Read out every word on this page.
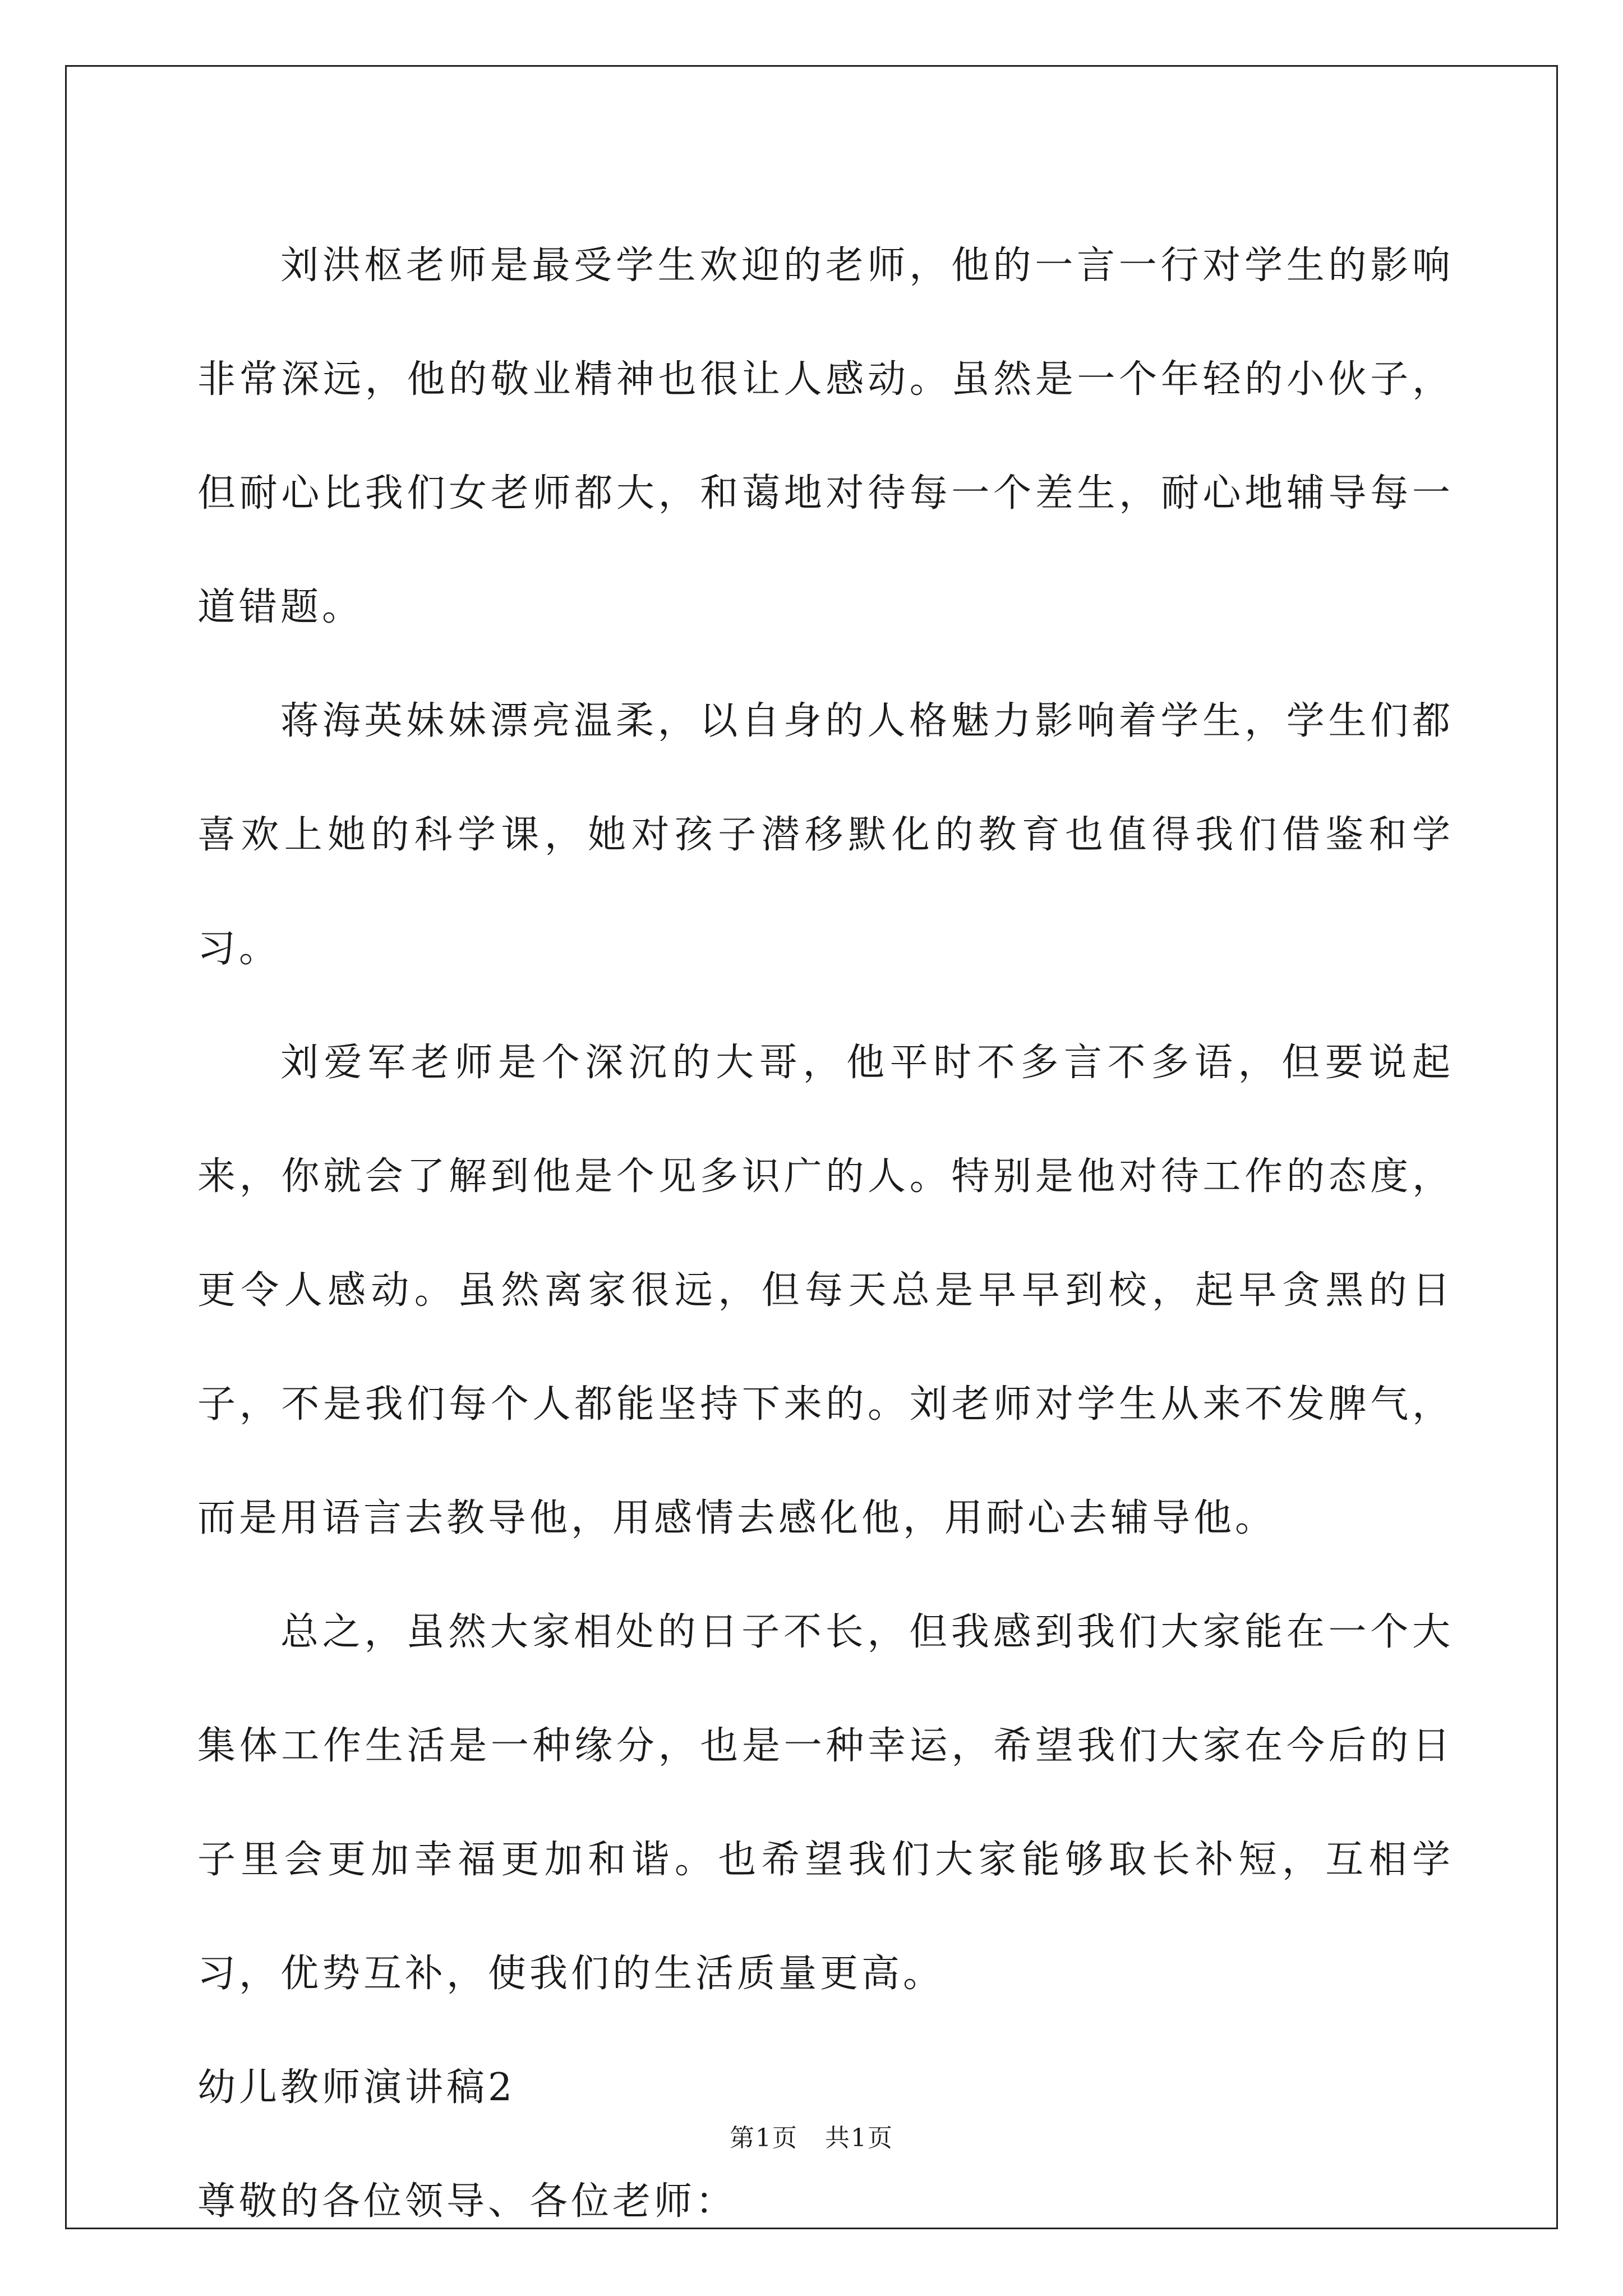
刘洪枢老师是最受学生欢迎的老师，他的一言一行对学生的影响非常深远，他的敬业精神也很让人感动。虽然是一个年轻的小伙子，但耐心比我们女老师都大，和蔼地对待每一个差生，耐心地辅导每一道错题。

蒋海英妹妹漂亮温柔，以自身的人格魅力影响着学生，学生们都喜欢上她的科学课，她对孩子潜移默化的教育也值得我们借鉴和学习。

刘爱军老师是个深沉的大哥，他平时不多言不多语，但要说起来，你就会了解到他是个见多识广的人。特别是他对待工作的态度，更令人感动。虽然离家很远，但每天总是早早到校，起早贪黑的日子，不是我们每个人都能坚持下来的。刘老师对学生从来不发脾气，而是用语言去教导他，用感情去感化他，用耐心去辅导他。

总之，虽然大家相处的日子不长，但我感到我们大家能在一个大集体工作生活是一种缘分，也是一种幸运，希望我们大家在今后的日子里会更加幸福更加和谐。也希望我们大家能够取长补短，互相学习，优势互补，使我们的生活质量更高。

幼儿教师演讲稿2

尊敬的各位领导、各位老师：

第1页 共1页
